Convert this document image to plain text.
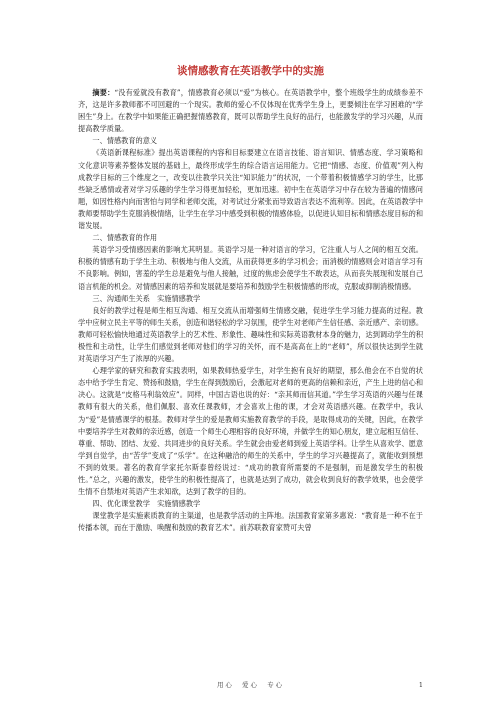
谈情感教育在英语教学中的实施

摘要：“没有爱就没有教育”，情感教育必须以“爱”为核心。在英语教学中，整个班级学生的成绩参差不齐，这是许多教师都不可回避的一个现实。教师的爱心不仅体现在优秀学生身上，更要倾注在学习困难的“学困生”身上。在教学中如果能正确把握情感教育，既可以帮助学生良好的品行，也能激发学的学习兴趣，从而提高教学质量。

一、情感教育的意义

《英语新课程标准》提出英语课程的内容和目标要建立在语言技能、语言知识、情感态度、学习策略和文化意识等素养整体发展的基础上，最终形成学生的综合语言运用能力。它把“情感、态度、价值观”列入构成教学目标的三个维度之一，改变以往教学只关注“知识能力”的状况，一个带着积极情感学习的学生，比那些缺乏感情或者对学习乐趣的学生学习得更加轻松，更加迅速。初中生在英语学习中存在较为普遍的情感问题，如因性格内向而害怕与同学和老师交流，对考试过分紧张而导致语言表达不流利等。因此，在英语教学中教师要帮助学生克服消极情绪，让学生在学习中感受到积极的情感体验，以促进认知目标和情感态度目标的和谐发展。

二、情感教育的作用

英语学习受情感因素的影响尤其明显。英语学习是一种对语言的学习，它注重人与人之间的相互交流。积极的情感有助于学生主动、积极地与他人交流，从而获得更多的学习机会；而消极的情感则会对语言学习有不良影响。例如，害羞的学生总是避免与他人接触，过度的焦虑会使学生不敢表达，从而丧失展现和发展自己语言机能的机会。对情感因素的培养和发展就是要培养和鼓励学生积极情感的形成，克服或抑制消极情感。

三、沟通师生关系　实施情感教学

良好的教学过程是师生相互沟通、相互交流从而增强师生情感交融，促进学生学习能力提高的过程。教学中应树立民主平等的师生关系，创造和谐轻松的学习氛围，使学生对老师产生信任感、亲近感产、亲切感。教师可轻松愉快地通过英语教学上的艺术性、形象性、趣味性和实际英语教材本身的魅力，达到调动学生的积极性和主动性，让学生们感觉到老师对他们的学习的关怀，而不是高高在上的“老师”，所以很快达到学生就对英语学习产生了浓厚的兴趣。

心理学家的研究和教育实践表明，如果教师热爱学生，对学生抱有良好的期望，那么他会在不自觉的状态中给予学生肯定、赞扬和鼓励，学生在得到鼓励后，会激起对老师的更高的信赖和亲近，产生上进的信心和决心。这就是“皮格马利翁效应”。同样，中国古语也说的好：“亲其师而信其道。”学生学习英语的兴趣与任课教师有很大的关系，他们佩服、喜欢任课教师，才会喜欢上他的课，才会对英语感兴趣。在教学中，我认为“爱”是情感课学的根基。教师对学生的爱是教师实施教育教学的手段，是取得成功的关键，因此，在教学中要培养学生对教师的亲近感，创造一个师生心理相容的良好环境，并做学生的知心朋友，建立起相互信任、尊重、帮助、团结、友爱、共同进步的良好关系。学生就会由爱老师到爱上英语学科。让学生从喜欢学、愿意学到自觉学，由“苦学”变成了“乐学”。在这种融洽的师生的关系中，学生的学习兴趣提高了，就能收到预想不到的效果。著名的教育学家托尔斯泰曾经说过：“成功的教育所需要的不是强制，而是激发学生的积极性。”总之，兴趣的激发，使学生的积极性提高了，也就是达到了成功，就会收到良好的教学效果，也会使学生情不自禁地对英语产生求知欲，达到了教学的目的。

四、优化课堂教学　实施情感教学

课堂教学是实施素质教育的主渠道，也是教学活动的主阵地。法国教育家第多惠说：“教育是一种不在于传播本领，而在于激励、唤醒和鼓励的教育艺术”。前苏联教育家赞可夫曾

用心　爱心　专心	1
